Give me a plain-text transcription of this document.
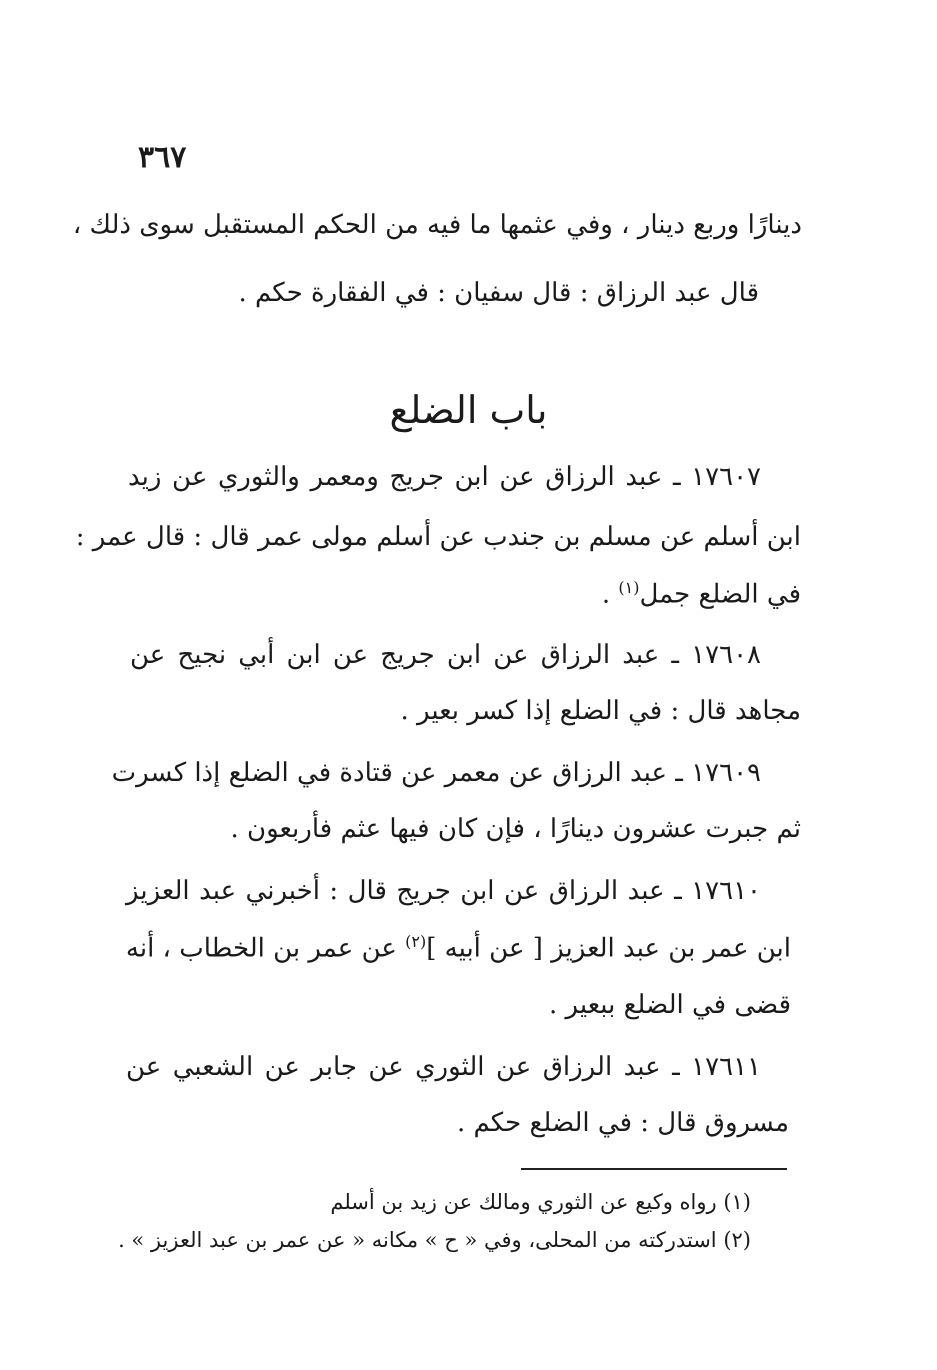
٣٦٧
دينارًا وربع دينار ، وفي عثمها ما فيه من الحكم المستقبل سوى ذلك ،
قال عبد الرزاق : قال سفيان : في الفقارة حكم .
باب الضلع
١٧٦٠٧ ـ عبد الرزاق عن ابن جريج ومعمر والثوري عن زيد
ابن أسلم عن مسلم بن جندب عن أسلم مولى عمر قال : قال عمر :
في الضلع جمل$^{(١)}$ .
١٧٦٠٨ ـ عبد الرزاق عن ابن جريج عن ابن أبي نجيح عن
مجاهد قال : في الضلع إذا كسر بعير .
١٧٦٠٩ ـ عبد الرزاق عن معمر عن قتادة في الضلع إذا كسرت
ثم جبرت عشرون دينارًا ، فإن كان فيها عثم فأربعون .
١٧٦١٠ ـ عبد الرزاق عن ابن جريج قال : أخبرني عبد العزيز
ابن عمر بن عبد العزيز [ عن أبيه ]$^{(٢)}$ عن عمر بن الخطاب ، أنه
قضى في الضلع ببعير .
١٧٦١١ ـ عبد الرزاق عن الثوري عن جابر عن الشعبي عن
مسروق قال : في الضلع حكم .
(١) رواه وكيع عن الثوري ومالك عن زيد بن أسلم
(٢) استدركته من المحلى، وفي « ح » مكانه « عن عمر بن عبد العزيز » .
